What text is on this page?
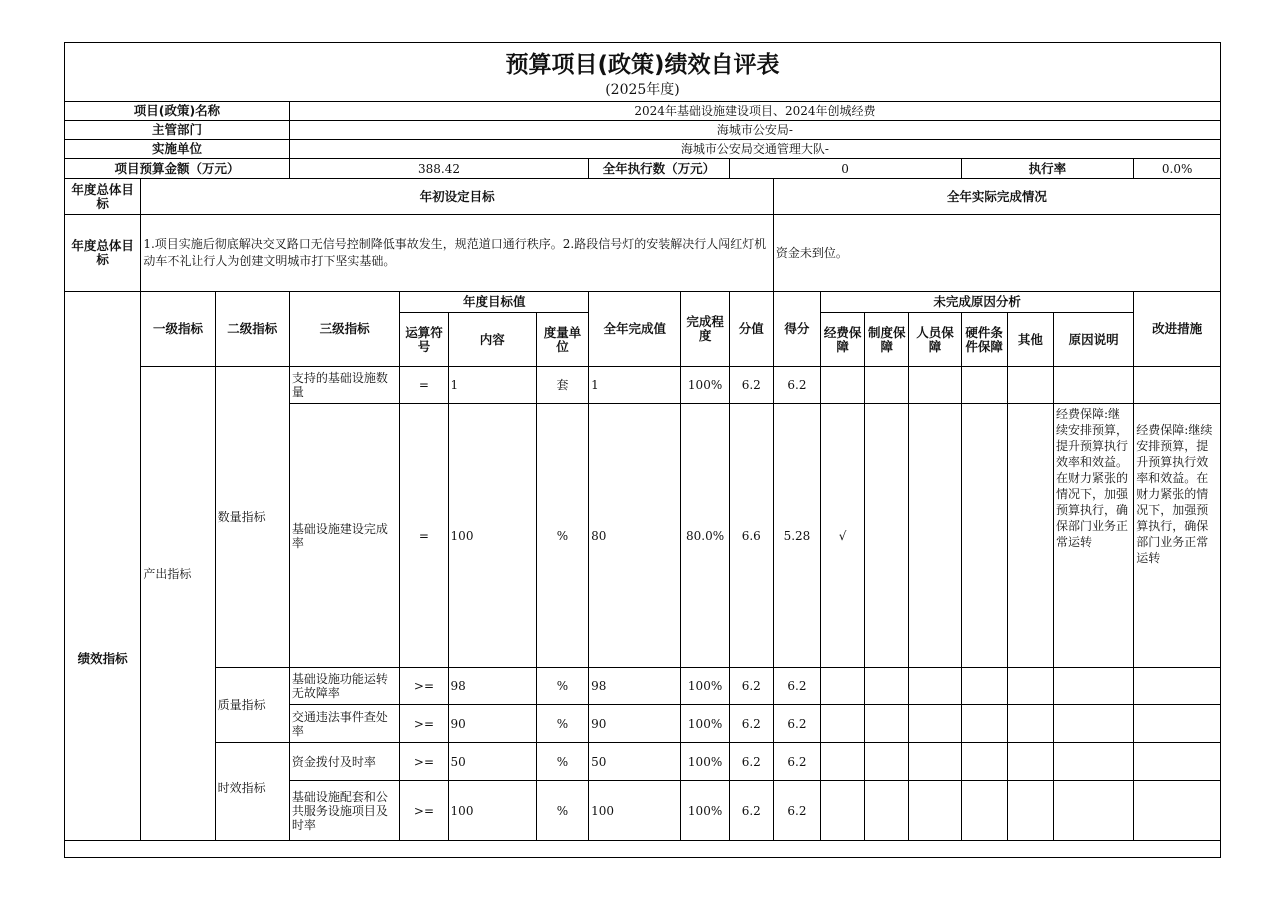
预算项目(政策)绩效自评表
(2025年度)																	

项目(政策)名称			2024年基础设施建设项目、2024年创城经费														
主管部门			海城市公安局-														
实施单位			海城市公安局交通管理大队-														
项目预算金额（万元）			388.42				全年执行数（万元）		0					执行率			0.0%
年度总体目标	年初设定目标									全年实际完成情况							
年度总体目标	1.项目实施后彻底解决交叉路口无信号控制降低事故发生，规范道口通行秩序。2.路段信号灯的安装解决行人闯红灯机动车不礼让行人为创建文明城市打下坚实基础。									资金未到位。							
绩效指标	一级指标	二级指标	三级指标	年度目标值			全年完成值	完成程度	分值	得分	未完成原因分析						改进措施
				运算符号	内容	度量单位					经费保障	制度保障	人员保障	硬件条件保障	其他	原因说明	
	产出指标	数量指标	支持的基础设施数量	=	1	套	1	100%	6.2	6.2							
			基础设施建设完成率	=	100	%	80	80.0%	6.6	5.28	√					经费保障:继续安排预算，提升预算执行效率和效益。在财力紧张的情况下，加强预算执行，确保部门业务正常运转	经费保障:继续安排预算，提升预算执行效率和效益。在财力紧张的情况下，加强预算执行，确保部门业务正常运转
		质量指标	基础设施功能运转无故障率	>=	98	%	98	100%	6.2	6.2							
			交通违法事件查处率	>=	90	%	90	100%	6.2	6.2							
		时效指标	资金拨付及时率	>=	50	%	50	100%	6.2	6.2							
			基础设施配套和公共服务设施项目及时率	>=	100	%	100	100%	6.2	6.2							
